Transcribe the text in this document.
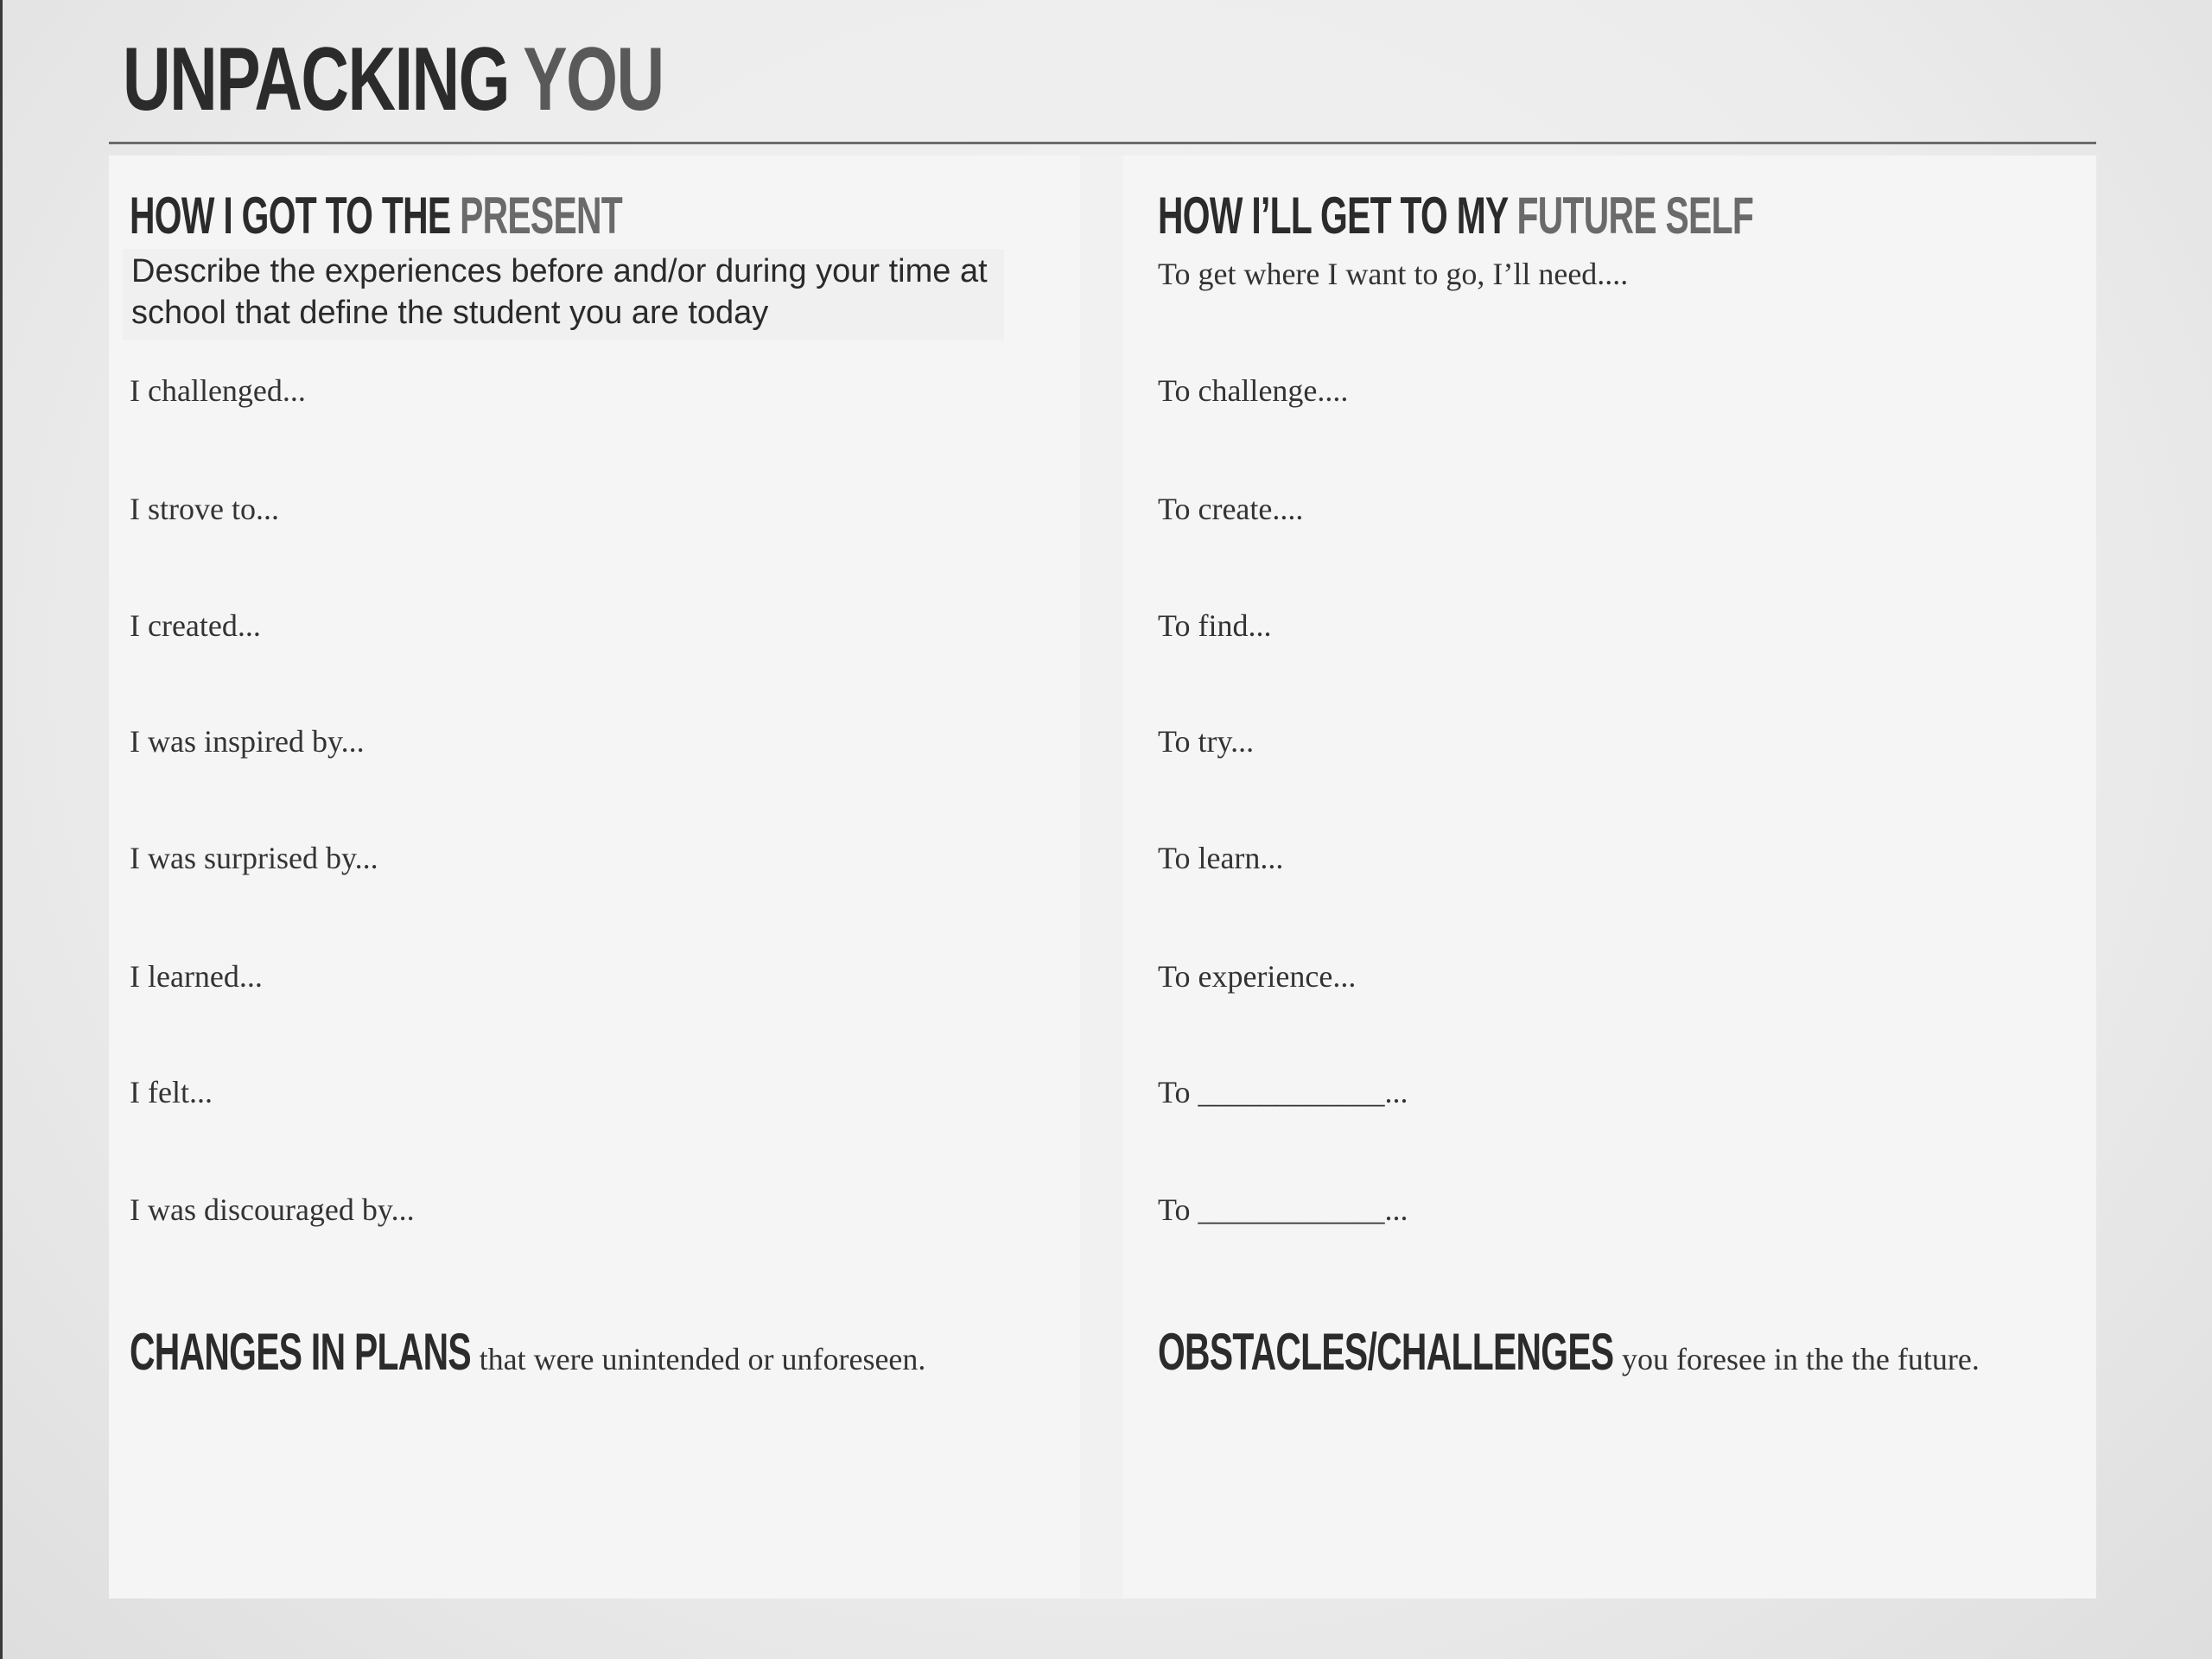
UNPACKING YOU
HOW I GOT TO THE PRESENT
Describe the experiences before and/or during your time at school that define the student you are today
I challenged...
I strove to...
I created...
I was inspired by...
I was surprised by...
I learned...
I felt...
I was discouraged by...
CHANGES IN PLANS that were unintended or unforeseen.
HOW I’LL GET TO MY FUTURE SELF
To get where I want to go, I’ll need....
To challenge....
To create....
To find...
To try...
To learn...
To experience...
To ____________...
To ____________...
OBSTACLES/CHALLENGES you foresee in the the future.
